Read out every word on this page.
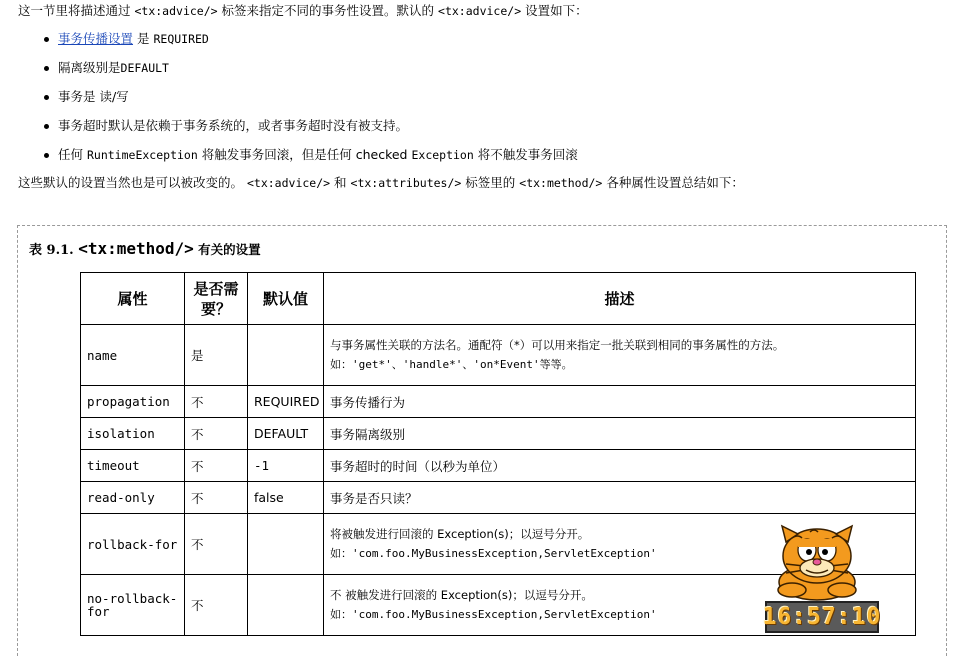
这一节里将描述通过 <tx:advice/> 标签来指定不同的事务性设置。默认的 <tx:advice/> 设置如下：

事务传播设置 是 REQUIRED
隔离级别是DEFAULT
事务是 读/写
事务超时默认是依赖于事务系统的，或者事务超时没有被支持。
任何 RuntimeException 将触发事务回滚，但是任何 checked Exception 将不触发事务回滚

这些默认的设置当然也是可以被改变的。 <tx:advice/> 和 <tx:attributes/> 标签里的 <tx:method/> 各种属性设置总结如下：

表 9.1. <tx:method/> 有关的设置
属性	是否需要？	默认值	描述
name	是		与事务属性关联的方法名。通配符（*）可以用来指定一批关联到相同的事务属性的方法。
如：'get*'、'handle*'、'on*Event'等等。

propagation	不	REQUIRED	事务传播行为
isolation	不	DEFAULT	事务隔离级别
timeout	不	-1	事务超时的时间（以秒为单位）
read-only	不	false	事务是否只读？
rollback-for	不		将被触发进行回滚的 Exception(s)；以逗号分开。
如：'com.foo.MyBusinessException,ServletException'

no-rollback-for	不		不 被触发进行回滚的 Exception(s)；以逗号分开。
如：'com.foo.MyBusinessException,ServletException'	16:57:10
